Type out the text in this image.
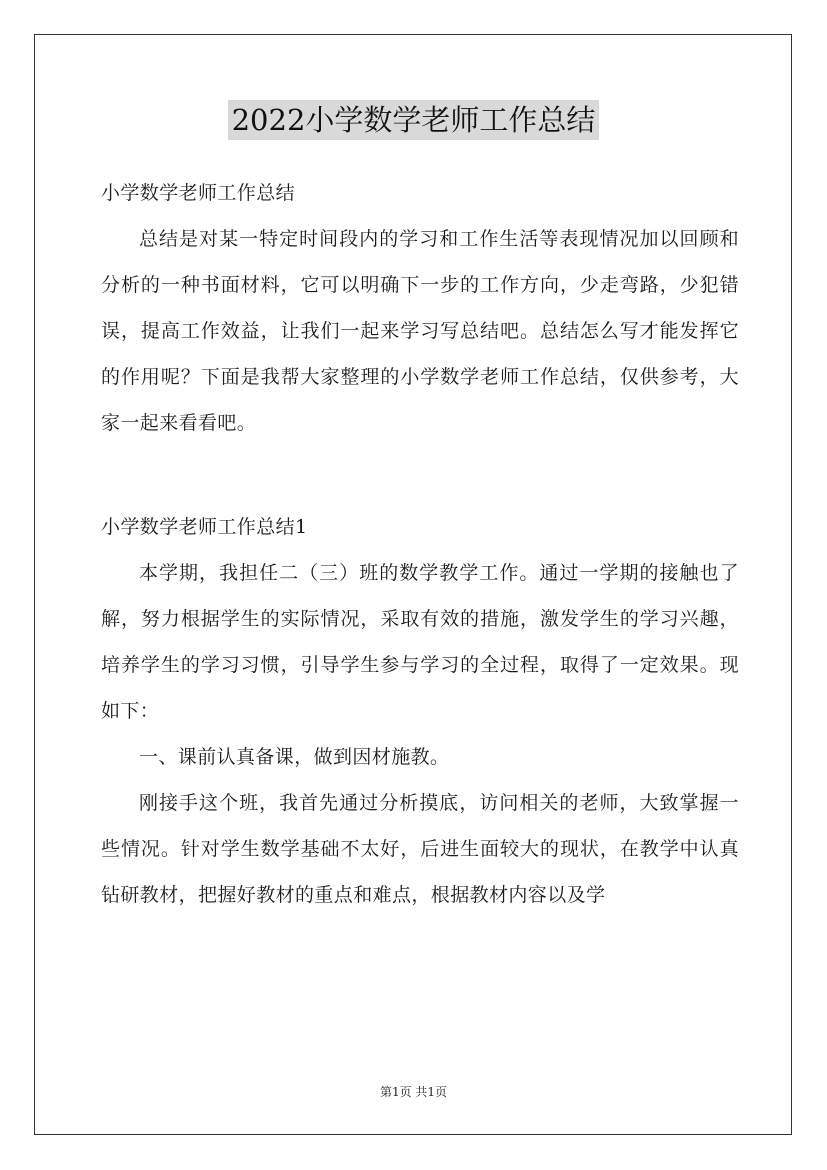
2022小学数学老师工作总结

小学数学老师工作总结

总结是对某一特定时间段内的学习和工作生活等表现情况加以回顾和分析的一种书面材料，它可以明确下一步的工作方向，少走弯路，少犯错误，提高工作效益，让我们一起来学习写总结吧。总结怎么写才能发挥它的作用呢？下面是我帮大家整理的小学数学老师工作总结，仅供参考，大家一起来看看吧。

小学数学老师工作总结1

本学期，我担任二（三）班的数学教学工作。通过一学期的接触也了解，努力根据学生的实际情况，采取有效的措施，激发学生的学习兴趣，培养学生的学习习惯，引导学生参与学习的全过程，取得了一定效果。现如下：

一、课前认真备课，做到因材施教。

刚接手这个班，我首先通过分析摸底，访问相关的老师，大致掌握一些情况。针对学生数学基础不太好，后进生面较大的现状，在教学中认真钻研教材，把握好教材的重点和难点，根据教材内容以及学

第1页 共1页
